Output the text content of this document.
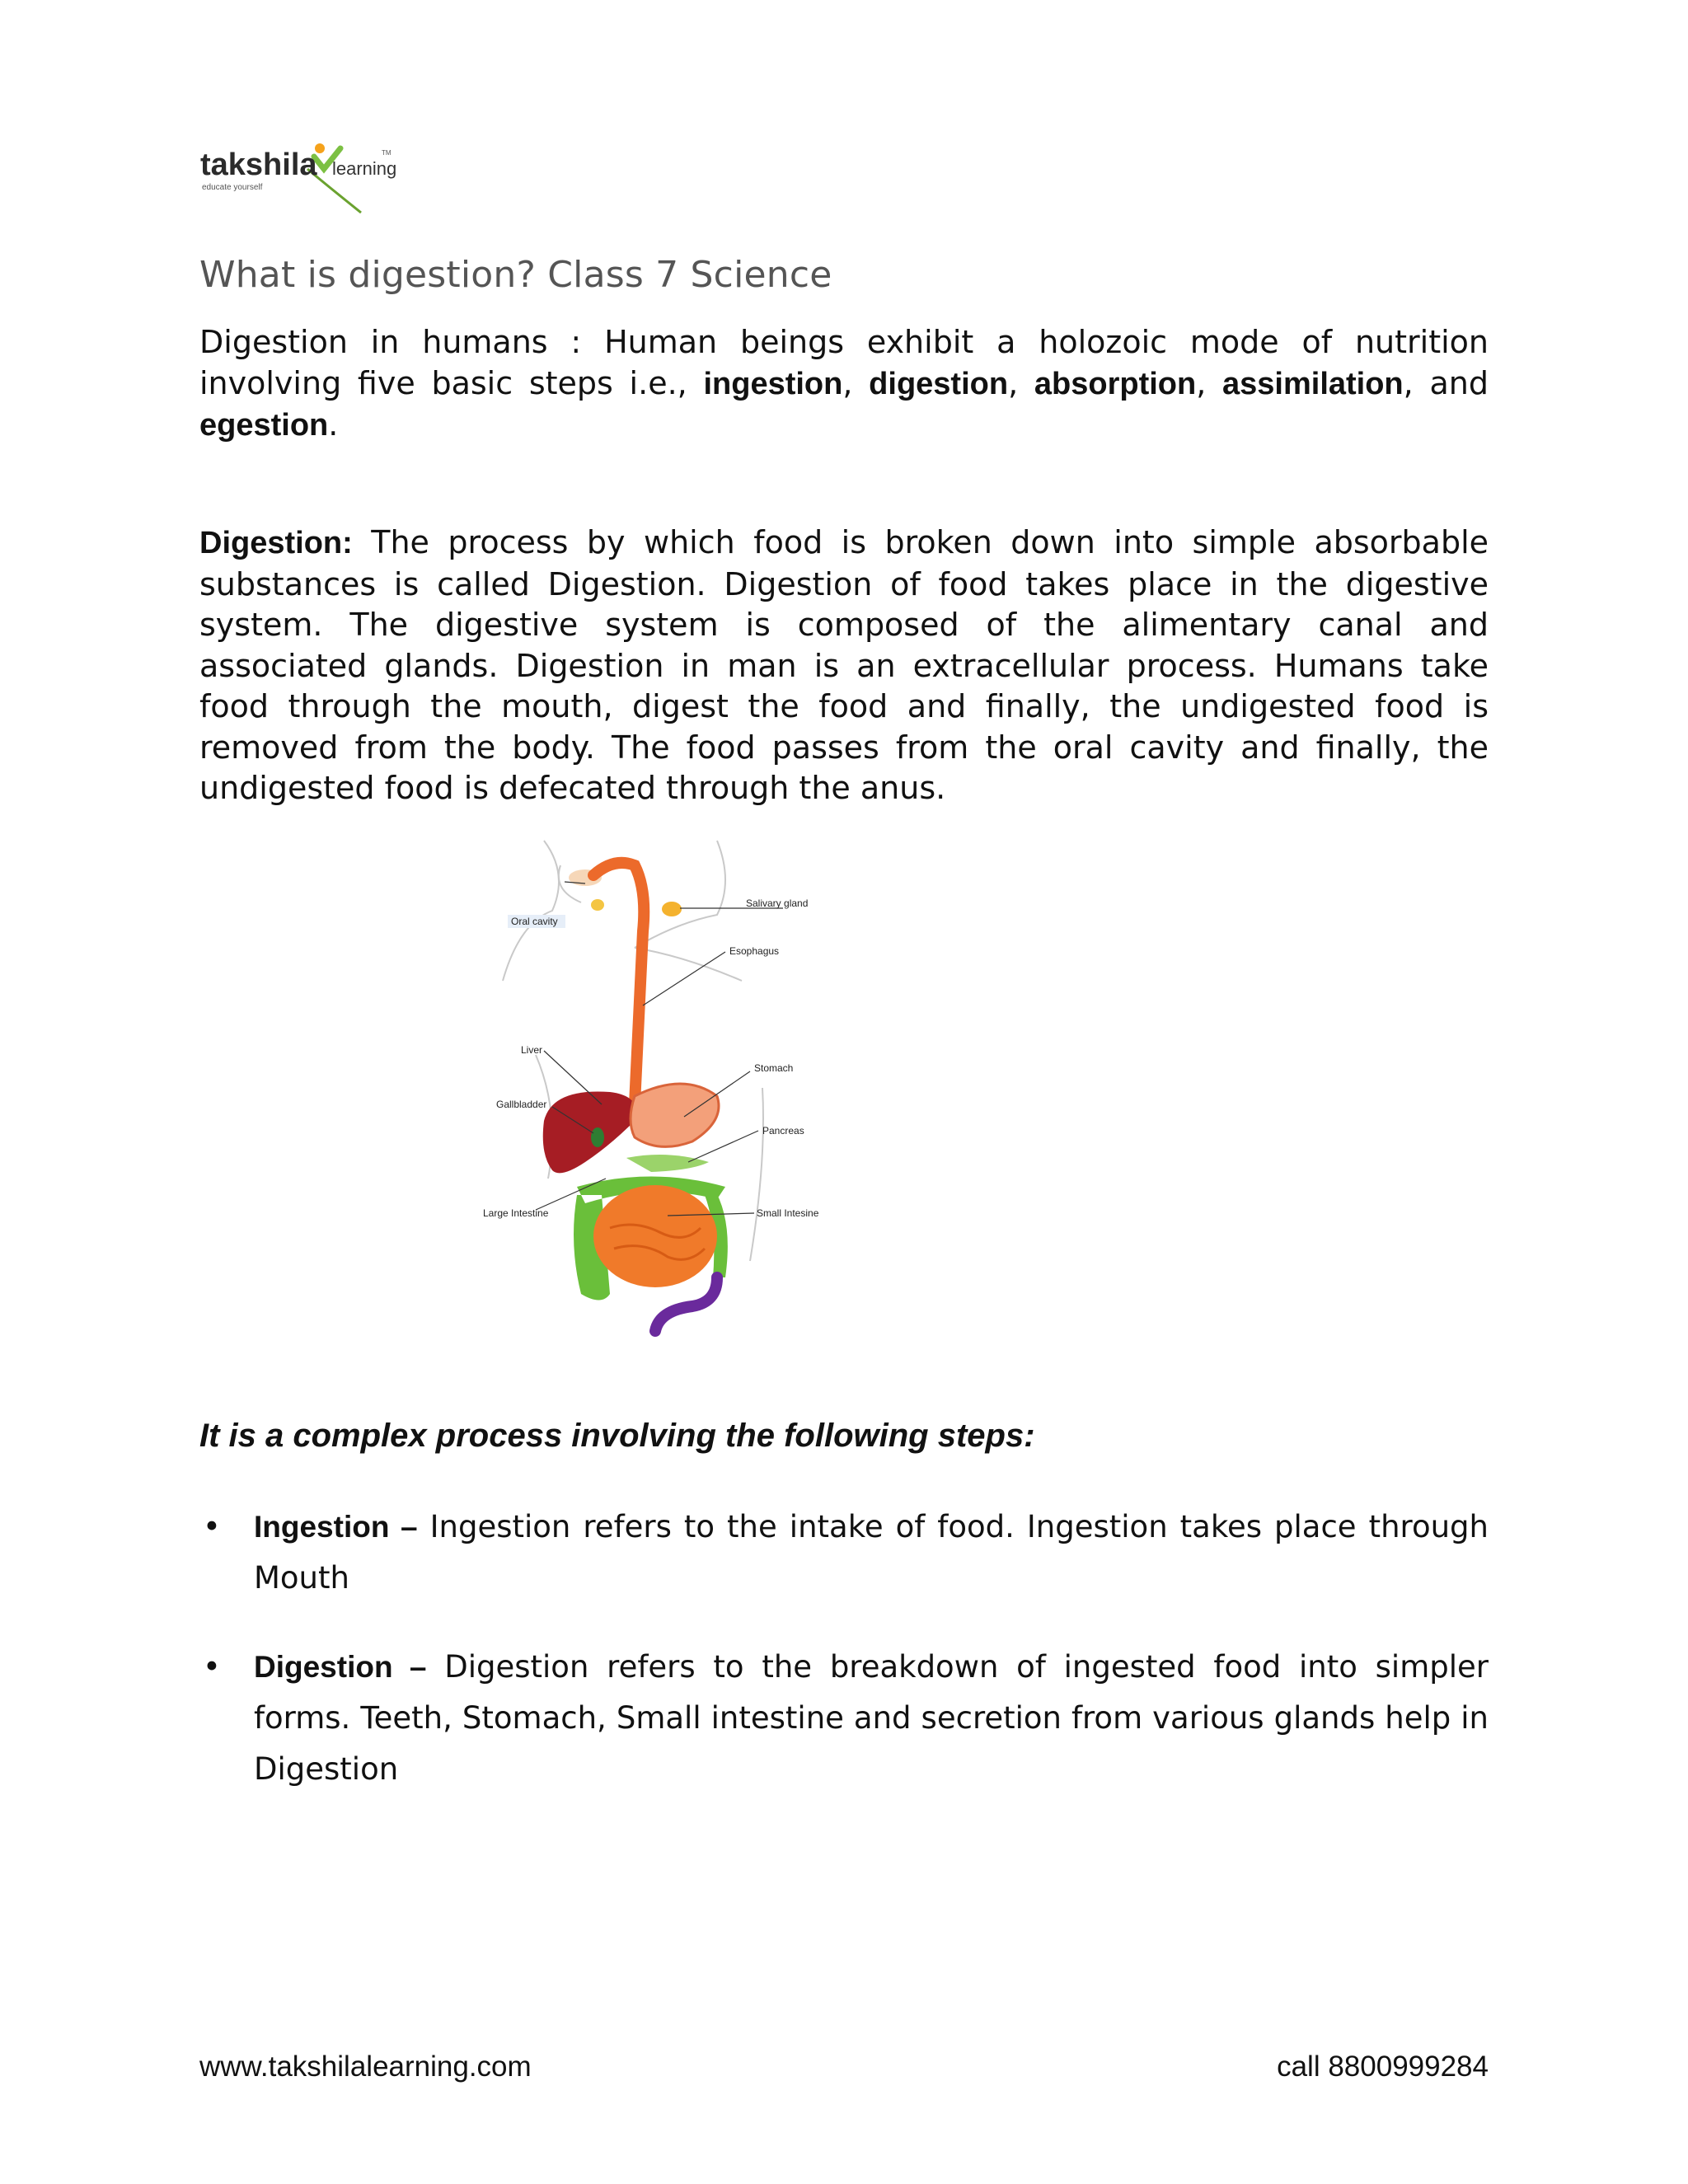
takshila learning
educate yourself
TM
What is digestion? Class 7 Science

Digestion in humans : Human beings exhibit a holozoic mode of nutrition involving five basic steps i.e., ingestion, digestion, absorption, assimilation, and egestion.

Digestion: The process by which food is broken down into simple absorbable substances is called Digestion. Digestion of food takes place in the digestive system. The digestive system is composed of the alimentary canal and associated glands. Digestion in man is an extracellular process. Humans take food through the mouth, digest the food and finally, the undigested food is removed from the body. The food passes from the oral cavity and finally, the undigested food is defecated through the anus.

Oral cavity
Salivary gland
Esophagus
Liver
Stomach
Gallbladder
Pancreas
Large Intestine	Small Intesine

It is a complex process involving the following steps:

• Ingestion – Ingestion refers to the intake of food. Ingestion takes place through Mouth
• Digestion – Digestion refers to the breakdown of ingested food into simpler forms. Teeth, Stomach, Small intestine and secretion from various glands help in Digestion

www.takshilalearning.com	call 8800999284
